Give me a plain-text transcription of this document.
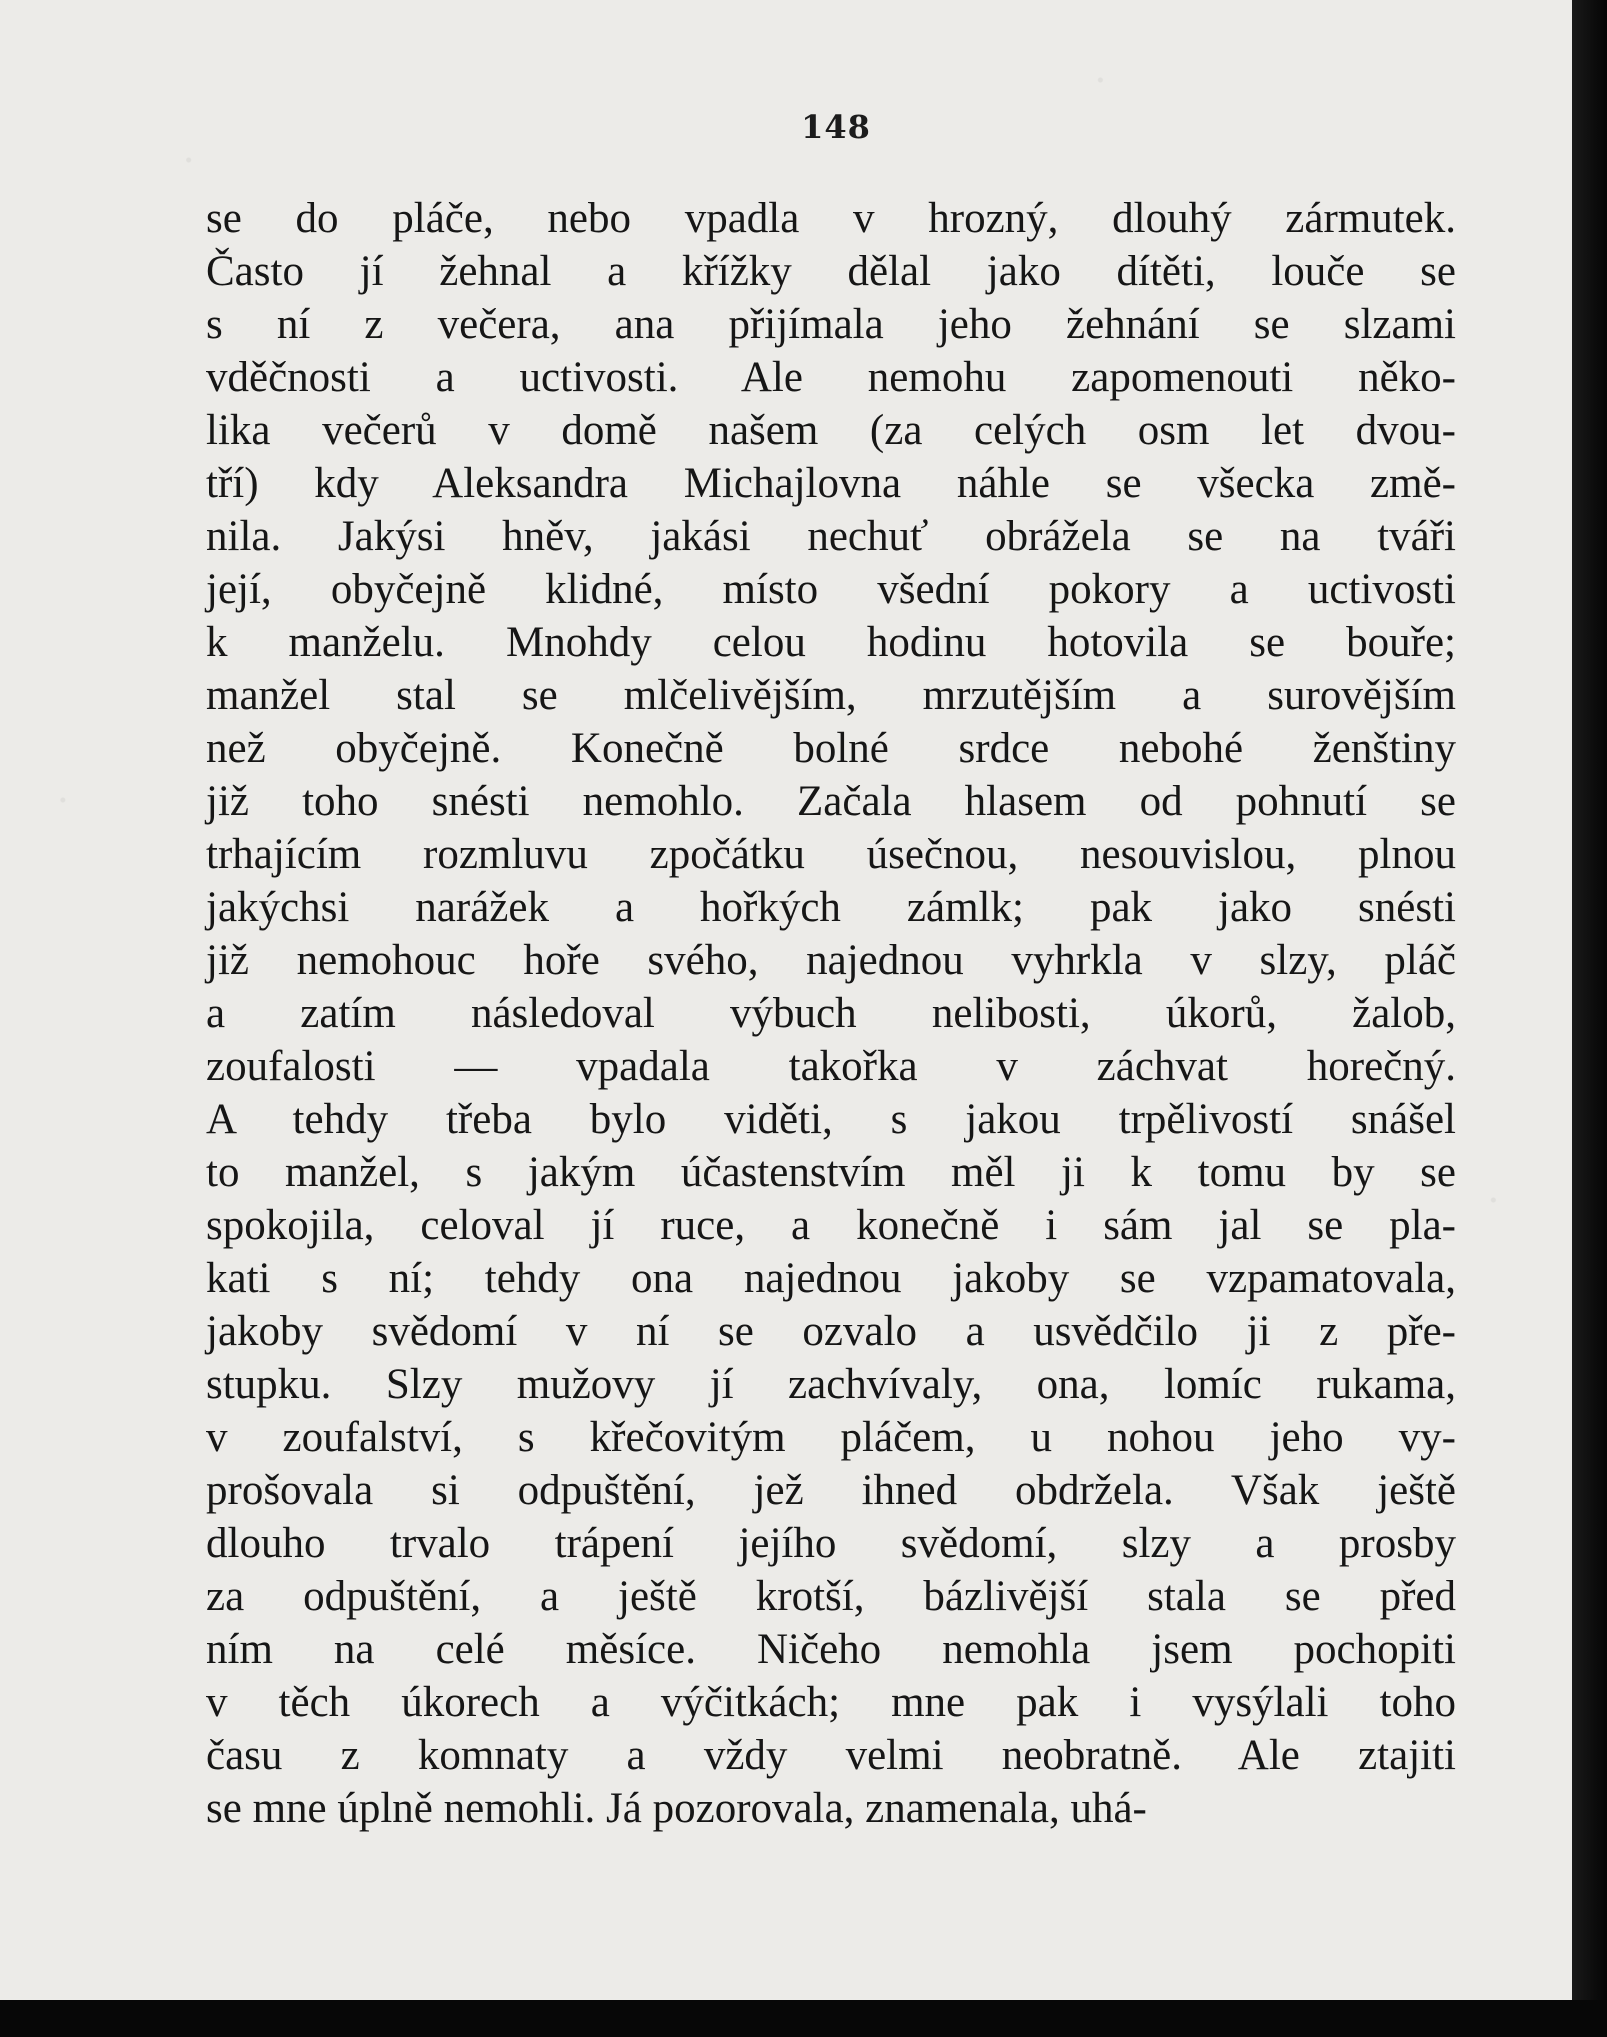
148
se do pláče, nebo vpadla v hrozný, dlouhý zármutek.
Často jí žehnal a křížky dělal jako dítěti, louče se
s ní z večera, ana přijímala jeho žehnání se slzami
vděčnosti a uctivosti. Ale nemohu zapomenouti něko-
lika večerů v domě našem (za celých osm let dvou-
tří) kdy Aleksandra Michajlovna náhle se všecka změ-
nila. Jakýsi hněv, jakási nechuť obrážela se na tváři
její, obyčejně klidné, místo všední pokory a uctivosti
k manželu. Mnohdy celou hodinu hotovila se bouře;
manžel stal se mlčelivějším, mrzutějším a surovějším
než obyčejně. Konečně bolné srdce nebohé ženštiny
již toho snésti nemohlo. Začala hlasem od pohnutí se
trhajícím rozmluvu zpočátku úsečnou, nesouvislou, plnou
jakýchsi narážek a hořkých zámlk; pak jako snésti
již nemohouc hoře svého, najednou vyhrkla v slzy, pláč
a zatím následoval výbuch nelibosti, úkorů, žalob,
zoufalosti — vpadala takořka v záchvat horečný.
A tehdy třeba bylo viděti, s jakou trpělivostí snášel
to manžel, s jakým účastenstvím měl ji k tomu by se
spokojila, celoval jí ruce, a konečně i sám jal se pla-
kati s ní; tehdy ona najednou jakoby se vzpamatovala,
jakoby svědomí v ní se ozvalo a usvědčilo ji z pře-
stupku. Slzy mužovy jí zachvívaly, ona, lomíc rukama,
v zoufalství, s křečovitým pláčem, u nohou jeho vy-
prošovala si odpuštění, jež ihned obdržela. Však ještě
dlouho trvalo trápení jejího svědomí, slzy a prosby
za odpuštění, a ještě krotší, bázlivější stala se před
ním na celé měsíce. Ničeho nemohla jsem pochopiti
v těch úkorech a výčitkách; mne pak i vysýlali toho
času z komnaty a vždy velmi neobratně. Ale ztajiti
se mne úplně nemohli. Já pozorovala, znamenala, uhá-
